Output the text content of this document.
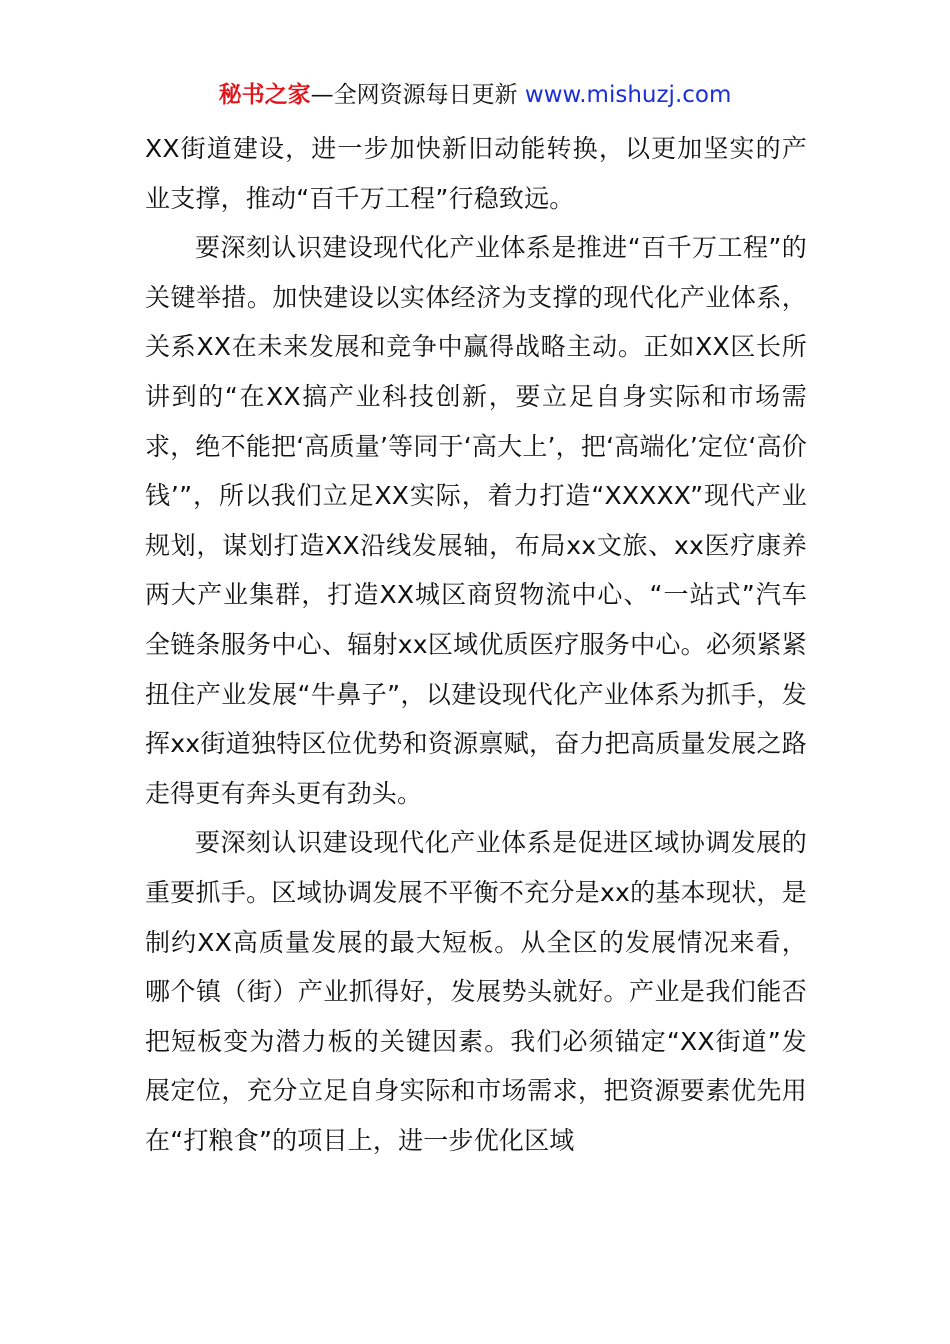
秘书之家—全网资源每日更新 www.mishuzj.com

XX街道建设，进一步加快新旧动能转换，以更加坚实的产业支撑，推动“百千万工程”行稳致远。

要深刻认识建设现代化产业体系是推进“百千万工程”的关键举措。加快建设以实体经济为支撑的现代化产业体系，关系XX在未来发展和竞争中赢得战略主动。正如XX区长所讲到的“在XX搞产业科技创新，要立足自身实际和市场需求，绝不能把‘高质量’等同于‘高大上’，把‘高端化’定位‘高价钱’”，所以我们立足XX实际，着力打造“XXXXX”现代产业规划，谋划打造XX沿线发展轴，布局xx文旅、xx医疗康养两大产业集群，打造XX城区商贸物流中心、“一站式”汽车全链条服务中心、辐射xx区域优质医疗服务中心。必须紧紧扭住产业发展“牛鼻子”，以建设现代化产业体系为抓手，发挥xx街道独特区位优势和资源禀赋，奋力把高质量发展之路走得更有奔头更有劲头。

要深刻认识建设现代化产业体系是促进区域协调发展的重要抓手。区域协调发展不平衡不充分是xx的基本现状，是制约XX高质量发展的最大短板。从全区的发展情况来看，哪个镇（街）产业抓得好，发展势头就好。产业是我们能否把短板变为潜力板的关键因素。我们必须锚定“XX街道”发展定位，充分立足自身实际和市场需求，把资源要素优先用在“打粮食”的项目上，进一步优化区域
